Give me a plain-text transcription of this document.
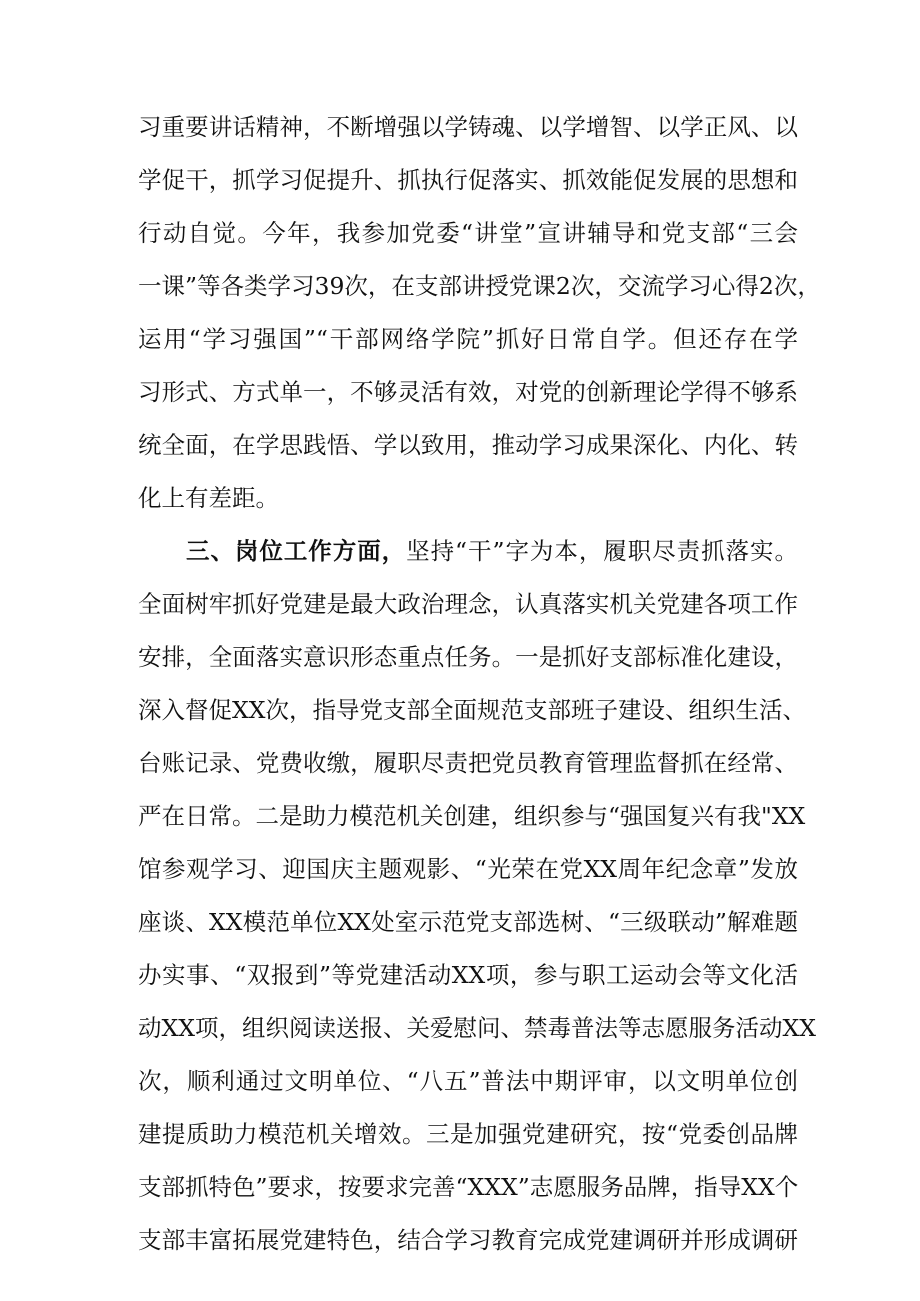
习重要讲话精神，不断增强以学铸魂、以学增智、以学正风、以
学促干，抓学习促提升、抓执行促落实、抓效能促发展的思想和
行动自觉。今年，我参加党委“讲堂”宣讲辅导和党支部“三会
一课”等各类学习39次，在支部讲授党课2次，交流学习心得2次，
运用“学习强国”“干部网络学院”抓好日常自学。但还存在学
习形式、方式单一，不够灵活有效，对党的创新理论学得不够系
统全面，在学思践悟、学以致用，推动学习成果深化、内化、转
化上有差距。
三、岗位工作方面，坚持“干”字为本，履职尽责抓落实。
全面树牢抓好党建是最大政治理念，认真落实机关党建各项工作
安排，全面落实意识形态重点任务。一是抓好支部标准化建设，
深入督促XX次，指导党支部全面规范支部班子建设、组织生活、
台账记录、党费收缴，履职尽责把党员教育管理监督抓在经常、
严在日常。二是助力模范机关创建，组织参与“强国复兴有我"XX
馆参观学习、迎国庆主题观影、“光荣在党XX周年纪念章”发放
座谈、XX模范单位XX处室示范党支部选树、“三级联动”解难题
办实事、“双报到”等党建活动XX项，参与职工运动会等文化活
动XX项，组织阅读送报、关爱慰问、禁毒普法等志愿服务活动XX
次，顺利通过文明单位、“八五”普法中期评审，以文明单位创
建提质助力模范机关增效。三是加强党建研究，按“党委创品牌
支部抓特色”要求，按要求完善“XXX”志愿服务品牌，指导XX个
支部丰富拓展党建特色，结合学习教育完成党建调研并形成调研
